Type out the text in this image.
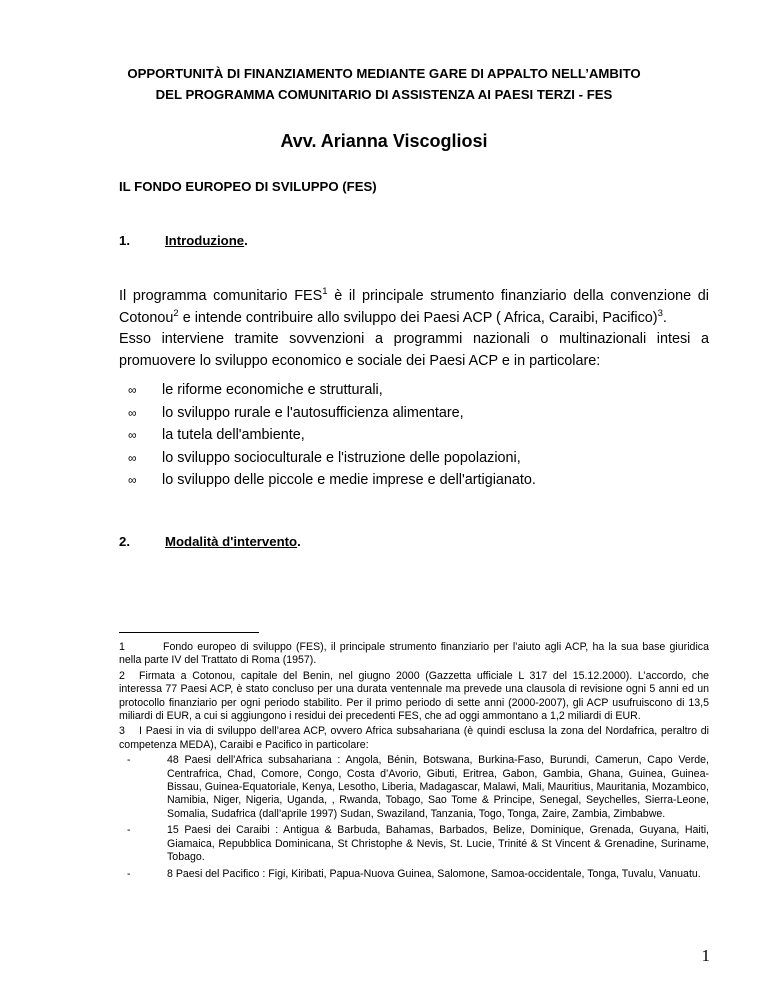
OPPORTUNITÀ DI FINANZIAMENTO MEDIANTE GARE DI APPALTO NELL’AMBITO
DEL PROGRAMMA COMUNITARIO DI ASSISTENZA AI PAESI TERZI - FES
Avv. Arianna Viscogliosi
IL FONDO EUROPEO DI SVILUPPO (FES)
1.	Introduzione.

Il programma comunitario FES$^1$ è il principale strumento finanziario della convenzione di Cotonou$^2$ e intende contribuire allo sviluppo dei Paesi ACP ( Africa, Caraibi, Pacifico)$^3$.

Esso interviene tramite sovvenzioni a programmi nazionali o multinazionali intesi a promuovere lo sviluppo economico e sociale dei Paesi ACP e in particolare:

∞ le riforme economiche e strutturali,
∞ lo sviluppo rurale e l'autosufficienza alimentare,
∞ la tutela dell'ambiente,
∞ lo sviluppo socioculturale e l'istruzione delle popolazioni,
∞ lo sviluppo delle piccole e medie imprese e dell'artigianato.
2.	Modalità d'intervento.

1	Fondo europeo di sviluppo (FES), il principale strumento finanziario per l’aiuto agli ACP, ha la sua base giuridica nella parte IV del Trattato di Roma (1957).

2 Firmata a Cotonou, capitale del Benin, nel giugno 2000 (Gazzetta ufficiale L 317 del 15.12.2000). L’accordo, che interessa 77 Paesi ACP, è stato concluso per una durata ventennale ma prevede una clausola di revisione ogni 5 anni ed un protocollo finanziario per ogni periodo stabilito. Per il primo periodo di sette anni (2000-2007), gli ACP usufruiscono di 13,5 miliardi di EUR, a cui si aggiungono i residui dei precedenti FES, che ad oggi ammontano a 1,2 miliardi di EUR.

3 I Paesi in via di sviluppo dell’area ACP, ovvero Africa subsahariana (è quindi esclusa la zona del Nordafrica, peraltro di competenza MEDA), Caraibi e Pacifico in particolare:

-	48 Paesi dell'Africa subsahariana : Angola, Bénin, Botswana, Burkina-Faso, Burundi, Camerun, Capo Verde, Centrafrica, Chad, Comore, Congo, Costa d’Avorio, Gibuti, Eritrea, Gabon, Gambia, Ghana, Guinea, Guinea-Bissau, Guinea-Equatoriale, Kenya, Lesotho, Liberia, Madagascar, Malawi, Mali, Mauritius, Mauritania, Mozambico, Namibia, Niger, Nigeria, Uganda, , Rwanda, Tobago, Sao Tome & Principe, Senegal, Seychelles, Sierra-Leone, Somalia, Sudafrica (dall’aprile 1997) Sudan, Swaziland, Tanzania, Togo, Tonga, Zaire, Zambia, Zimbabwe.
-	15 Paesi dei Caraibi : Antigua & Barbuda, Bahamas, Barbados, Belize, Dominique, Grenada, Guyana, Haiti, Giamaica, Repubblica Dominicana, St Christophe & Nevis, St. Lucie, Trinité & St Vincent & Grenadine, Suriname, Tobago.
-	8 Paesi del Pacifico : Figi, Kiribati, Papua-Nuova Guinea, Salomone, Samoa-occidentale, Tonga, Tuvalu, Vanuatu.
1
